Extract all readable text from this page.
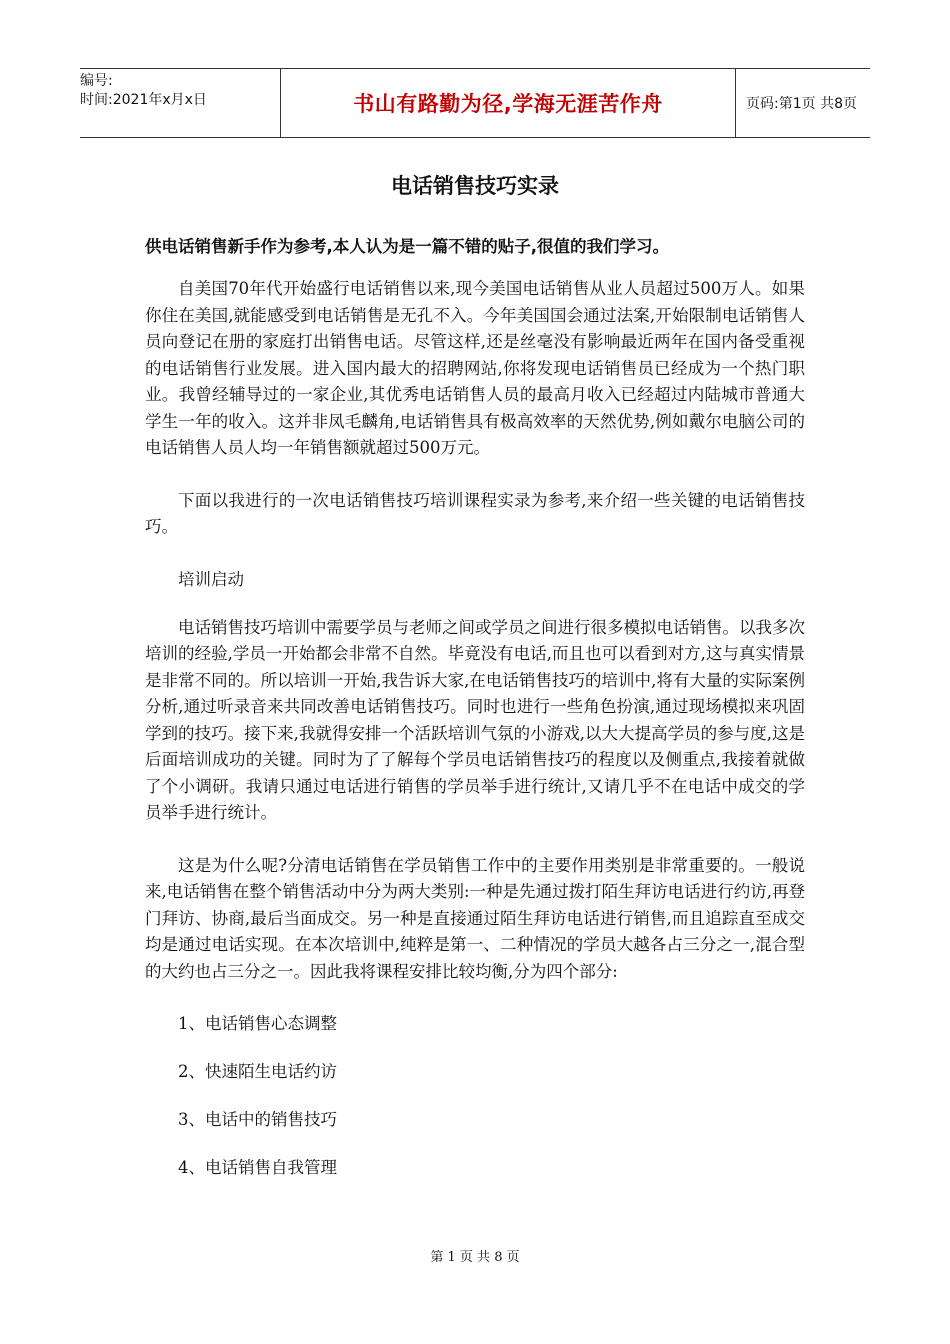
编号:
时间:2021年x月x日	书山有路勤为径,学海无涯苦作舟	页码:第1页 共8页
电话销售技巧实录
供电话销售新手作为参考,本人认为是一篇不错的贴子,很值的我们学习。

自美国70年代开始盛行电话销售以来,现今美国电话销售从业人员超过500万人。如果你住在美国,就能感受到电话销售是无孔不入。今年美国国会通过法案,开始限制电话销售人员向登记在册的家庭打出销售电话。尽管这样,还是丝毫没有影响最近两年在国内备受重视的电话销售行业发展。进入国内最大的招聘网站,你将发现电话销售员已经成为一个热门职业。我曾经辅导过的一家企业,其优秀电话销售人员的最高月收入已经超过内陆城市普通大学生一年的收入。这并非凤毛麟角,电话销售具有极高效率的天然优势,例如戴尔电脑公司的电话销售人员人均一年销售额就超过500万元。

下面以我进行的一次电话销售技巧培训课程实录为参考,来介绍一些关键的电话销售技巧。

培训启动

电话销售技巧培训中需要学员与老师之间或学员之间进行很多模拟电话销售。以我多次培训的经验,学员一开始都会非常不自然。毕竟没有电话,而且也可以看到对方,这与真实情景是非常不同的。所以培训一开始,我告诉大家,在电话销售技巧的培训中,将有大量的实际案例分析,通过听录音来共同改善电话销售技巧。同时也进行一些角色扮演,通过现场模拟来巩固学到的技巧。接下来,我就得安排一个活跃培训气氛的小游戏,以大大提高学员的参与度,这是后面培训成功的关键。同时为了了解每个学员电话销售技巧的程度以及侧重点,我接着就做了个小调研。我请只通过电话进行销售的学员举手进行统计,又请几乎不在电话中成交的学员举手进行统计。

这是为什么呢?分清电话销售在学员销售工作中的主要作用类别是非常重要的。一般说来,电话销售在整个销售活动中分为两大类别:一种是先通过拨打陌生拜访电话进行约访,再登门拜访、协商,最后当面成交。另一种是直接通过陌生拜访电话进行销售,而且追踪直至成交均是通过电话实现。在本次培训中,纯粹是第一、二种情况的学员大越各占三分之一,混合型的大约也占三分之一。因此我将课程安排比较均衡,分为四个部分:

1、电话销售心态调整

2、快速陌生电话约访

3、电话中的销售技巧

4、电话销售自我管理

第 1 页 共 8 页
